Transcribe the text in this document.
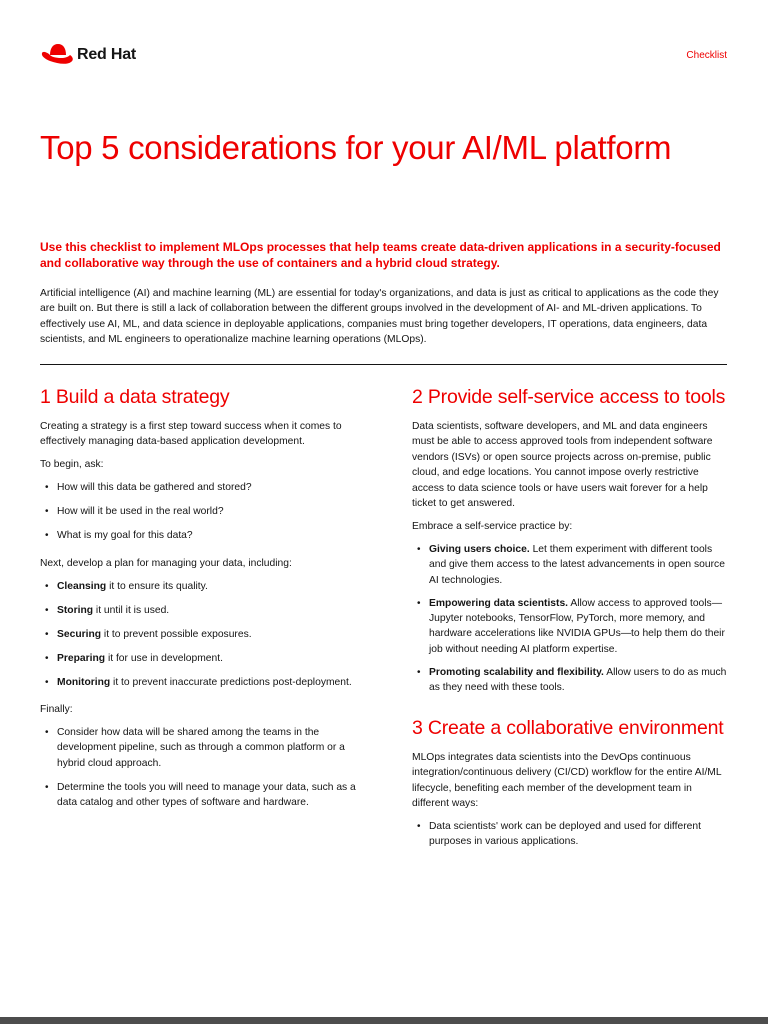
Red Hat	Checklist
Top 5 considerations for your AI/ML platform
Use this checklist to implement MLOps processes that help teams create data-driven applications in a security-focused and collaborative way through the use of containers and a hybrid cloud strategy.
Artificial intelligence (AI) and machine learning (ML) are essential for today's organizations, and data is just as critical to applications as the code they are built on. But there is still a lack of collaboration between the different groups involved in the development of AI- and ML-driven applications. To effectively use AI, ML, and data science in deployable applications, companies must bring together developers, IT operations, data engineers, data scientists, and ML engineers to operationalize machine learning operations (MLOps).
1 Build a data strategy

Creating a strategy is a first step toward success when it comes to effectively managing data-based application development.

To begin, ask:

• How will this data be gathered and stored?
• How will it be used in the real world?
• What is my goal for this data?

Next, develop a plan for managing your data, including:

• Cleansing it to ensure its quality.
• Storing it until it is used.
• Securing it to prevent possible exposures.
• Preparing it for use in development.
• Monitoring it to prevent inaccurate predictions post-deployment.

Finally:

• Consider how data will be shared among the teams in the development pipeline, such as through a common platform or a hybrid cloud approach.
• Determine the tools you will need to manage your data, such as a data catalog and other types of software and hardware.
2 Provide self-service access to tools

Data scientists, software developers, and ML and data engineers must be able to access approved tools from independent software vendors (ISVs) or open source projects across on-premise, public cloud, and edge locations. You cannot impose overly restrictive access to data science tools or have users wait forever for a help ticket to get answered.

Embrace a self-service practice by:

• Giving users choice. Let them experiment with different tools and give them access to the latest advancements in open source AI technologies.
• Empowering data scientists. Allow access to approved tools—Jupyter notebooks, TensorFlow, PyTorch, more memory, and hardware accelerations like NVIDIA GPUs—to help them do their job without needing AI platform expertise.
• Promoting scalability and flexibility. Allow users to do as much as they need with these tools.
3 Create a collaborative environment

MLOps integrates data scientists into the DevOps continuous integration/continuous delivery (CI/CD) workflow for the entire AI/ML lifecycle, benefiting each member of the development team in different ways:

• Data scientists' work can be deployed and used for different purposes in various applications.
